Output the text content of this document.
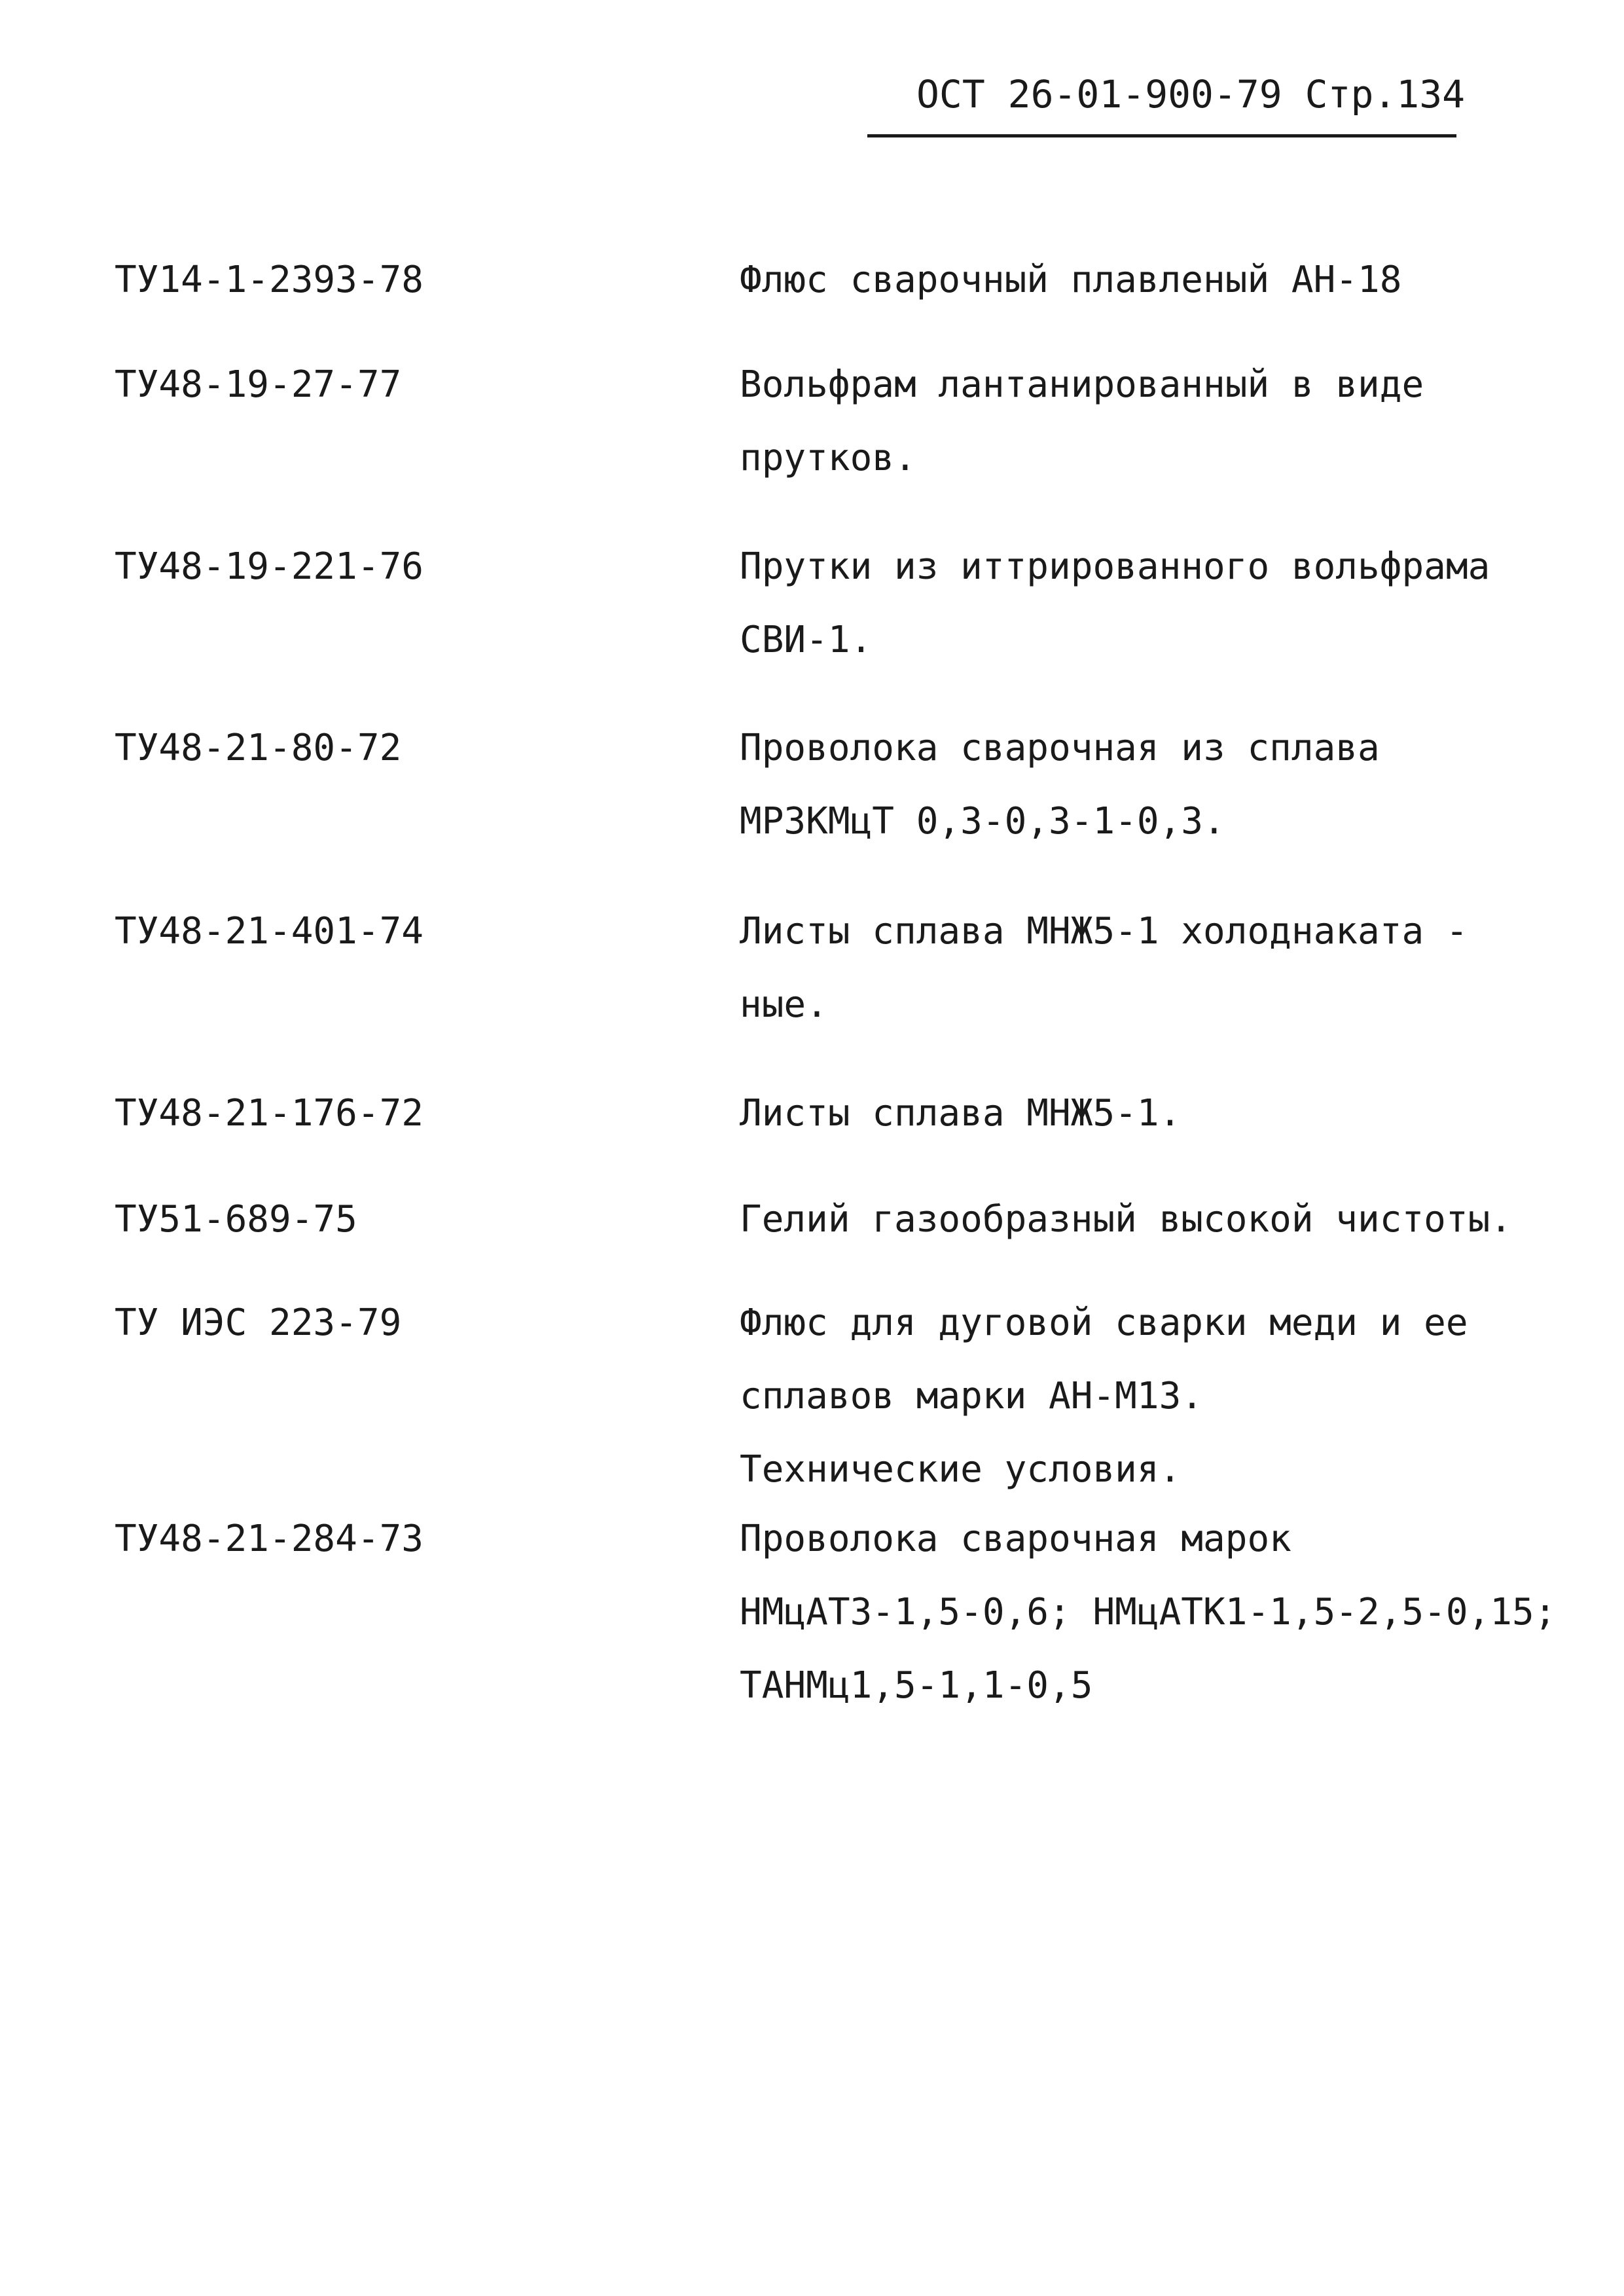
ОСТ 26-01-900-79 Стр.134
ТУ14-1-2393-78	Флюс сварочный плавленый АН-18
ТУ48-19-27-77	Вольфрам лантанированный в виде
прутков.
ТУ48-19-221-76	Прутки из иттрированного вольфрама
СВИ-1.
ТУ48-21-80-72	Проволока сварочная из сплава
МР3КМцТ 0,3-0,3-1-0,3.
ТУ48-21-401-74	Листы сплава МНЖ5-1 холоднаката -
ные.
ТУ48-21-176-72	Листы сплава МНЖ5-1.
ТУ51-689-75	Гелий газообразный высокой чистоты.
ТУ ИЭС 223-79	Флюс для дуговой сварки меди и ее
сплавов марки АН-М13.
Технические условия.
ТУ48-21-284-73	Проволока сварочная марок
НМцАТ3-1,5-0,6; НМцАТК1-1,5-2,5-0,15;
ТАНМц1,5-1,1-0,5
